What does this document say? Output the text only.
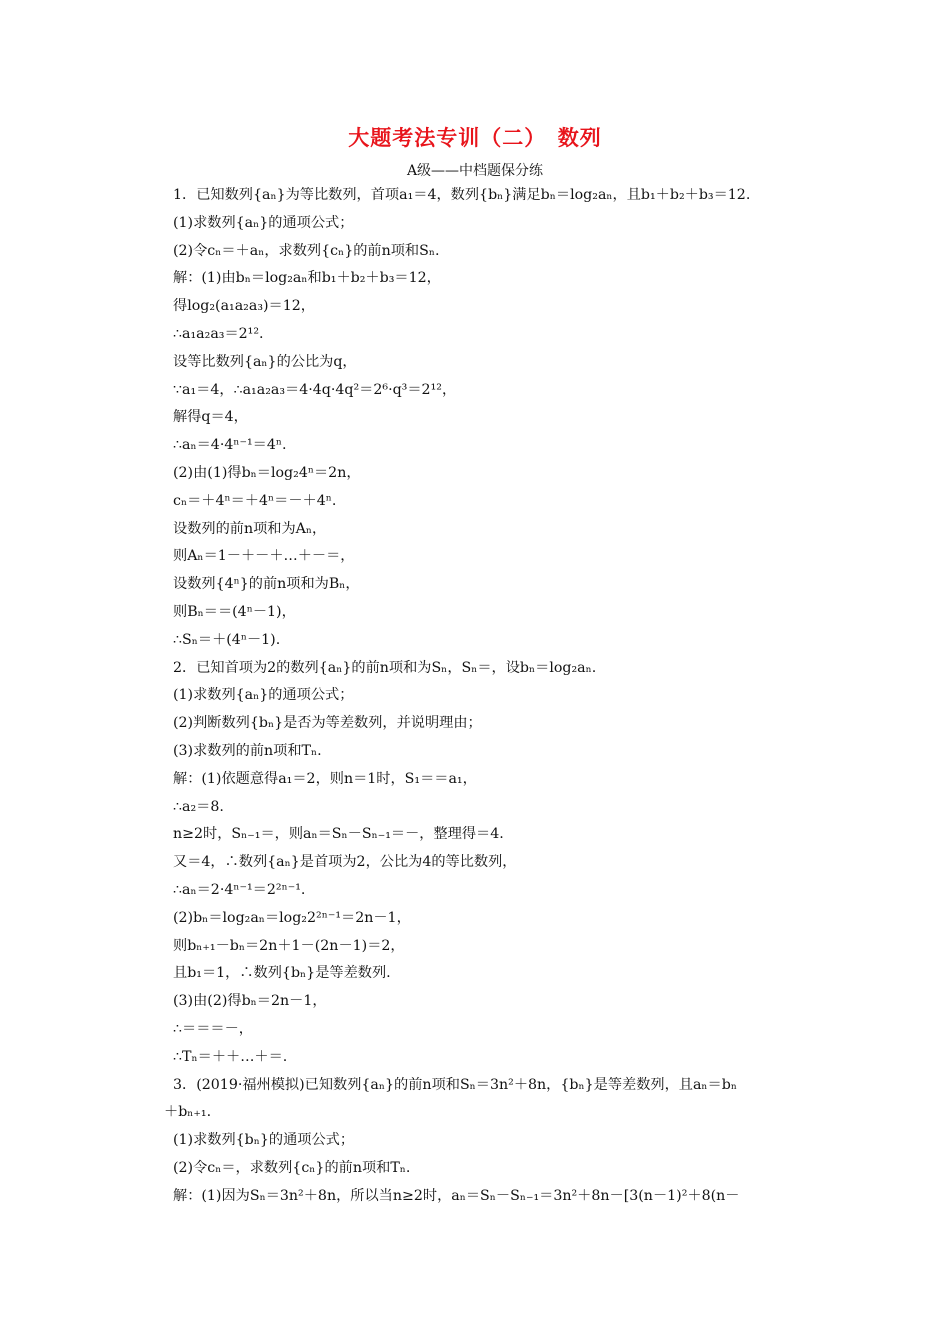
大题考法专训（二）　数列
A级——中档题保分练
1．已知数列{aₙ}为等比数列，首项a₁＝4，数列{bₙ}满足bₙ＝log₂aₙ，且b₁＋b₂＋b₃＝12.
(1)求数列{aₙ}的通项公式；
(2)令cₙ＝＋aₙ，求数列{cₙ}的前n项和Sₙ.
解：(1)由bₙ＝log₂aₙ和b₁＋b₂＋b₃＝12，
得log₂(a₁a₂a₃)＝12，
∴a₁a₂a₃＝2¹².
设等比数列{aₙ}的公比为q，
∵a₁＝4，∴a₁a₂a₃＝4·4q·4q²＝2⁶·q³＝2¹²，
解得q＝4，
∴aₙ＝4·4ⁿ⁻¹＝4ⁿ.
(2)由(1)得bₙ＝log₂4ⁿ＝2n，
cₙ＝＋4ⁿ＝＋4ⁿ＝－＋4ⁿ.
设数列的前n项和为Aₙ，
则Aₙ＝1－＋－＋…＋－＝，
设数列{4ⁿ}的前n项和为Bₙ，
则Bₙ＝＝(4ⁿ－1)，
∴Sₙ＝＋(4ⁿ－1).
2．已知首项为2的数列{aₙ}的前n项和为Sₙ，Sₙ＝，设bₙ＝log₂aₙ.
(1)求数列{aₙ}的通项公式；
(2)判断数列{bₙ}是否为等差数列，并说明理由；
(3)求数列的前n项和Tₙ.
解：(1)依题意得a₁＝2，则n＝1时，S₁＝＝a₁，
∴a₂＝8.
n≥2时，Sₙ₋₁＝，则aₙ＝Sₙ－Sₙ₋₁＝－，整理得＝4.
又＝4，∴数列{aₙ}是首项为2，公比为4的等比数列，
∴aₙ＝2·4ⁿ⁻¹＝2²ⁿ⁻¹.
(2)bₙ＝log₂aₙ＝log₂2²ⁿ⁻¹＝2n－1，
则bₙ₊₁－bₙ＝2n＋1－(2n－1)＝2，
且b₁＝1，∴数列{bₙ}是等差数列.
(3)由(2)得bₙ＝2n－1，
∴＝＝＝－，
∴Tₙ＝＋＋…＋＝.
3．(2019·福州模拟)已知数列{aₙ}的前n项和Sₙ＝3n²＋8n，{bₙ}是等差数列，且aₙ＝bₙ
＋bₙ₊₁.
(1)求数列{bₙ}的通项公式；
(2)令cₙ＝，求数列{cₙ}的前n项和Tₙ.
解：(1)因为Sₙ＝3n²＋8n，所以当n≥2时，aₙ＝Sₙ－Sₙ₋₁＝3n²＋8n－[3(n－1)²＋8(n－
